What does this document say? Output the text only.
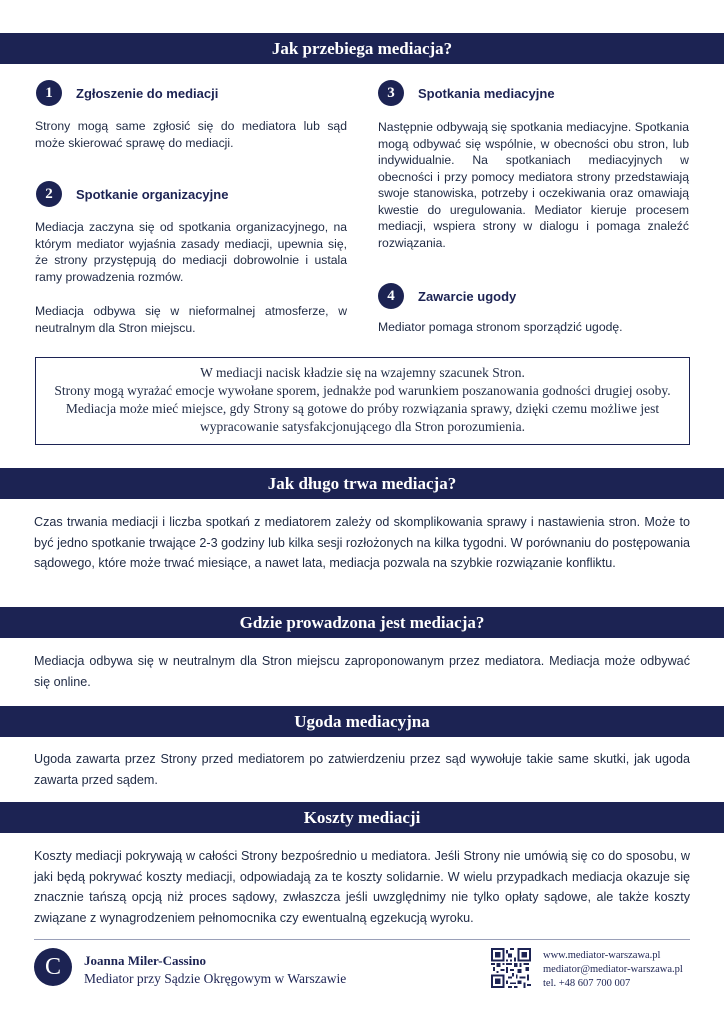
Jak przebiega mediacja?
1	Zgłoszenie do mediacji
Strony mogą same zgłosić się do mediatora lub sąd może skierować sprawę do mediacji.
2	Spotkanie organizacyjne
Mediacja zaczyna się od spotkania organizacyjnego, na którym mediator wyjaśnia zasady mediacji, upewnia się, że strony przystępują do mediacji dobrowolnie i ustala ramy prowadzenia rozmów.
Mediacja odbywa się w nieformalnej atmosferze, w neutralnym dla Stron miejscu.
3	Spotkania mediacyjne
Następnie odbywają się spotkania mediacyjne. Spotkania mogą odbywać się wspólnie, w obecności obu stron, lub indywidualnie. Na spotkaniach mediacyjnych w obecności i przy pomocy mediatora strony przedstawiają swoje stanowiska, potrzeby i oczekiwania oraz omawiają kwestie do uregulowania. Mediator kieruje procesem mediacji, wspiera strony w dialogu i pomaga znaleźć rozwiązania.
4	Zawarcie ugody
Mediator pomaga stronom sporządzić ugodę.
W mediacji nacisk kładzie się na wzajemny szacunek Stron.
Strony mogą wyrażać emocje wywołane sporem, jednakże pod warunkiem poszanowania godności drugiej osoby. Mediacja może mieć miejsce, gdy Strony są gotowe do próby rozwiązania sprawy, dzięki czemu możliwe jest wypracowanie satysfakcjonującego dla Stron porozumienia.
Jak długo trwa mediacja?
Czas trwania mediacji i liczba spotkań z mediatorem zależy od skomplikowania sprawy i nastawienia stron. Może to być jedno spotkanie trwające 2-3 godziny lub kilka sesji rozłożonych na kilka tygodni. W porównaniu do postępowania sądowego, które może trwać miesiące, a nawet lata, mediacja pozwala na szybkie rozwiązanie konfliktu.
Gdzie prowadzona jest mediacja?
Mediacja odbywa się w neutralnym dla Stron miejscu zaproponowanym przez mediatora. Mediacja może odbywać się online.
Ugoda mediacyjna
Ugoda zawarta przez Strony przed mediatorem po zatwierdzeniu przez sąd wywołuje takie same skutki, jak ugoda zawarta przed sądem.
Koszty mediacji
Koszty mediacji pokrywają w całości Strony bezpośrednio u mediatora. Jeśli Strony nie umówią się co do sposobu, w jaki będą pokrywać koszty mediacji, odpowiadają za te koszty solidarnie. W wielu przypadkach mediacja okazuje się znacznie tańszą opcją niż proces sądowy, zwłaszcza jeśli uwzględnimy nie tylko opłaty sądowe, ale także koszty związane z wynagrodzeniem pełnomocnika czy ewentualną egzekucją wyroku.
C	Joanna Miler-Cassino
Mediator przy Sądzie Okręgowym w Warszawie
www.mediator-warszawa.pl
mediator@mediator-warszawa.pl
tel. +48 607 700 007
